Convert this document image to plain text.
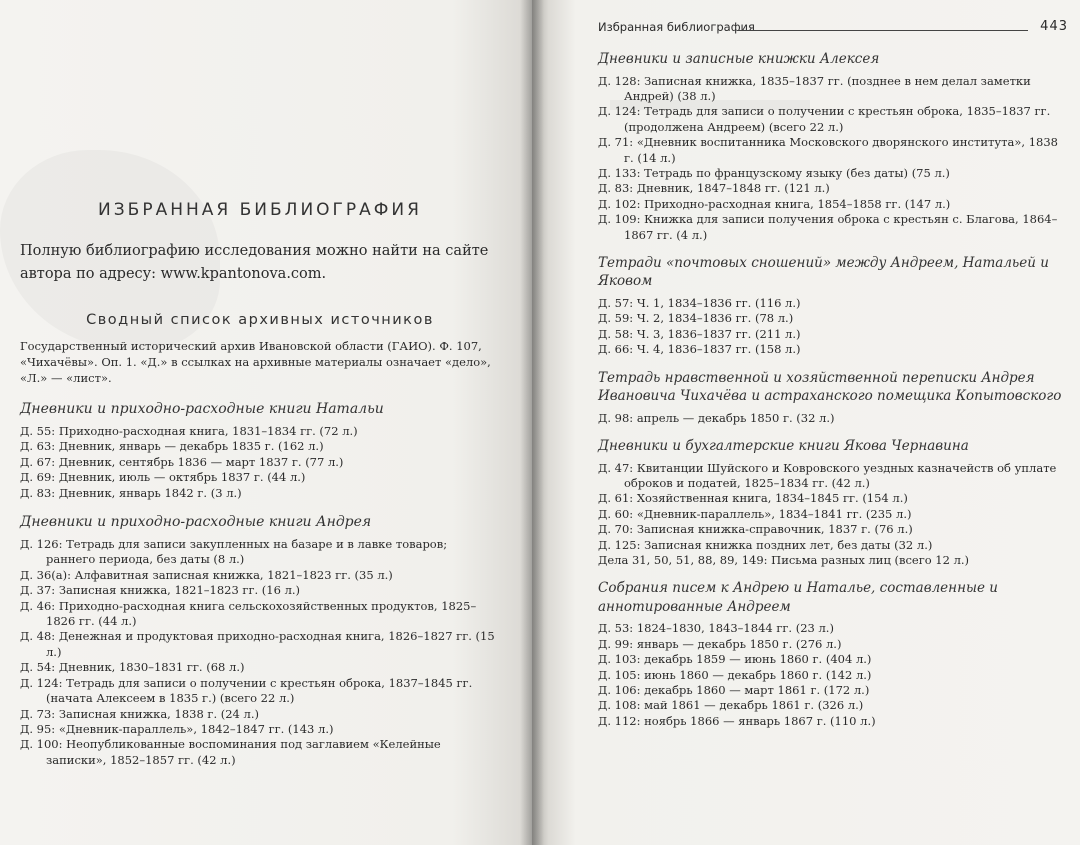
ИЗБРАННАЯ БИБЛИОГРАФИЯ

Полную библиографию исследования можно найти на сайте автора по адресу: www.kpantonova.com.

Сводный список архивных источников

Государственный исторический архив Ивановской области (ГАИО). Ф. 107, «Чихачёвы». Оп. 1. «Д.» в ссылках на архивные материалы означает «дело», «Л.» — «лист».

Дневники и приходно-расходные книги Натальи

Д. 55: Приходно-расходная книга, 1831–1834 гг. (72 л.)

Д. 63: Дневник, январь — декабрь 1835 г. (162 л.)

Д. 67: Дневник, сентябрь 1836 — март 1837 г. (77 л.)

Д. 69: Дневник, июль — октябрь 1837 г. (44 л.)

Д. 83: Дневник, январь 1842 г. (3 л.)

Дневники и приходно-расходные книги Андрея

Д. 126: Тетрадь для записи закупленных на базаре и в лавке товаров; раннего периода, без даты (8 л.)

Д. 36(а): Алфавитная записная книжка, 1821–1823 гг. (35 л.)

Д. 37: Записная книжка, 1821–1823 гг. (16 л.)

Д. 46: Приходно-расходная книга сельскохозяйственных продуктов, 1825–1826 гг. (44 л.)

Д. 48: Денежная и продуктовая приходно-расходная книга, 1826–1827 гг. (15 л.)

Д. 54: Дневник, 1830–1831 гг. (68 л.)

Д. 124: Тетрадь для записи о получении с крестьян оброка, 1837–1845 гг. (начата Алексеем в 1835 г.) (всего 22 л.)

Д. 73: Записная книжка, 1838 г. (24 л.)

Д. 95: «Дневник-параллель», 1842–1847 гг. (143 л.)

Д. 100: Неопубликованные воспоминания под заглавием «Келейные записки», 1852–1857 гг. (42 л.)

Избранная библиография	443
Дневники и записные книжки Алексея

Д. 128: Записная книжка, 1835–1837 гг. (позднее в нем делал заметки Андрей) (38 л.)

Д. 124: Тетрадь для записи о получении с крестьян оброка, 1835–1837 гг. (продолжена Андреем) (всего 22 л.)

Д. 71: «Дневник воспитанника Московского дворянского института», 1838 г. (14 л.)

Д. 133: Тетрадь по французскому языку (без даты) (75 л.)

Д. 83: Дневник, 1847–1848 гг. (121 л.)

Д. 102: Приходно-расходная книга, 1854–1858 гг. (147 л.)

Д. 109: Книжка для записи получения оброка с крестьян с. Благова, 1864–1867 гг. (4 л.)

Тетради «почтовых сношений» между Андреем, Натальей и Яковом

Д. 57: Ч. 1, 1834–1836 гг. (116 л.)

Д. 59: Ч. 2, 1834–1836 гг. (78 л.)

Д. 58: Ч. 3, 1836–1837 гг. (211 л.)

Д. 66: Ч. 4, 1836–1837 гг. (158 л.)

Тетрадь нравственной и хозяйственной переписки Андрея Ивановича Чихачёва и астраханского помещика Копытовского

Д. 98: апрель — декабрь 1850 г. (32 л.)

Дневники и бухгалтерские книги Якова Чернавина

Д. 47: Квитанции Шуйского и Ковровского уездных казначейств об уплате оброков и податей, 1825–1834 гг. (42 л.)

Д. 61: Хозяйственная книга, 1834–1845 гг. (154 л.)

Д. 60: «Дневник-параллель», 1834–1841 гг. (235 л.)

Д. 70: Записная книжка-справочник, 1837 г. (76 л.)

Д. 125: Записная книжка поздних лет, без даты (32 л.)

Дела 31, 50, 51, 88, 89, 149: Письма разных лиц (всего 12 л.)

Собрания писем к Андрею и Наталье, составленные и аннотированные Андреем

Д. 53: 1824–1830, 1843–1844 гг. (23 л.)

Д. 99: январь — декабрь 1850 г. (276 л.)

Д. 103: декабрь 1859 — июнь 1860 г. (404 л.)

Д. 105: июнь 1860 — декабрь 1860 г. (142 л.)

Д. 106: декабрь 1860 — март 1861 г. (172 л.)

Д. 108: май 1861 — декабрь 1861 г. (326 л.)

Д. 112: ноябрь 1866 — январь 1867 г. (110 л.)
